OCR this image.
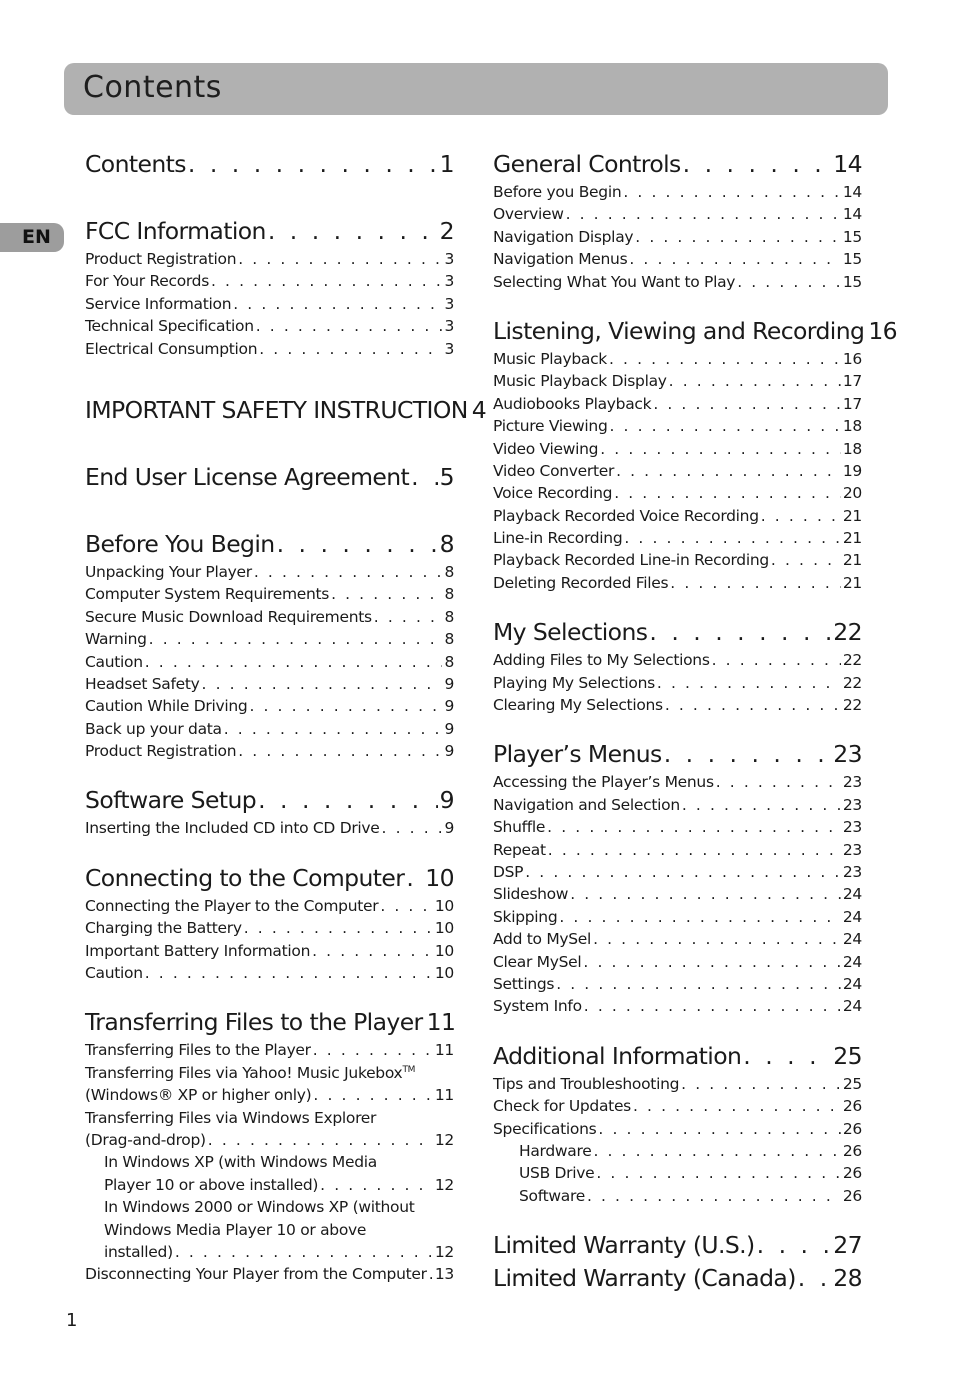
Contents
EN
Contents . . .	1
FCC Information . . .	2
Product Registration . . .	3
For Your Records . . .	3
Service Information . . .	3
Technical Specification . . .	3
Electrical Consumption . . .	3
IMPORTANT SAFETY INSTRUCTION 4
End User License Agreement . . . 5
Before You Begin . . .	8
Unpacking Your Player . . .	8
Computer System Requirements . . .	8
Secure Music Download Requirements . . .	8
Warning . . .	8
Caution . . .	8
Headset Safety . . .	9
Caution While Driving . . .	9
Back up your data . . .	9
Product Registration . . .	9
Software Setup . . .	9
Inserting the Included CD into CD Drive . . .	9
Connecting to the Computer . . . 10
Connecting the Player to the Computer . . .	10
Charging the Battery . . .	10
Important Battery Information . . .	10
Caution . . .	10
Transferring Files to the Player 11
Transferring Files to the Player . . .	11
Transferring Files via Yahoo! Music Jukebox™
(Windows® XP or higher only) . . .	11
Transferring Files via Windows Explorer
(Drag-and-drop) . . .	12
In Windows XP (with Windows Media
Player 10 or above installed) . . .	12
In Windows 2000 or Windows XP (without
Windows Media Player 10 or above
installed) . . .	12
Disconnecting Your Player from the Computer . . . 13
General Controls . . .	14
Before you Begin . . .	14
Overview . . .	14
Navigation Display . . .	15
Navigation Menus . . .	15
Selecting What You Want to Play . . .	15
Listening, Viewing and Recording 16
Music Playback . . .	16
Music Playback Display . . .	17
Audiobooks Playback . . .	17
Picture Viewing . . .	18
Video Viewing . . .	18
Video Converter . . .	19
Voice Recording . . .	20
Playback Recorded Voice Recording . . .	21
Line-in Recording . . .	21
Playback Recorded Line-in Recording . . .	21
Deleting Recorded Files . . .	21
My Selections . . .	22
Adding Files to My Selections . . .	22
Playing My Selections . . .	22
Clearing My Selections . . .	22
Player’s Menus . . .	23
Accessing the Player’s Menus . . .	23
Navigation and Selection . . .	23
Shuffle . . .	23
Repeat . . .	23
DSP . . .	23
Slideshow . . .	24
Skipping . . .	24
Add to MySel . . .	24
Clear MySel . . .	24
Settings . . .	24
System Info . . .	24
Additional Information . . .	25
Tips and Troubleshooting . . .	25
Check for Updates . . .	26
Specifications . . .	26
Hardware . . .	26
USB Drive . . .	26
Software . . .	26
Limited Warranty (U.S.) . . .	27
Limited Warranty (Canada) . . . 28
1
